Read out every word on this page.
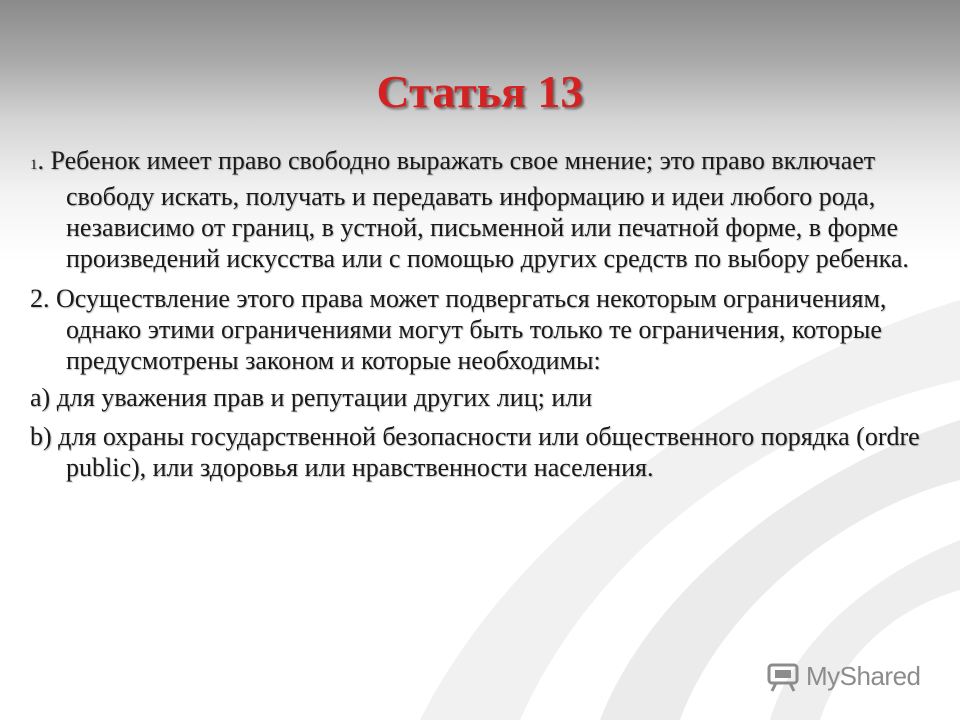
Статья 13

1. Ребенок имеет право свободно выражать свое мнение; это право включает свободу искать, получать и передавать информацию и идеи любого рода, независимо от границ, в устной, письменной или печатной форме, в форме произведений искусства или с помощью других средств по выбору ребенка.

2. Осуществление этого права может подвергаться некоторым ограничениям, однако этими ограничениями могут быть только те ограничения, которые предусмотрены законом и которые необходимы:

а) для уважения прав и репутации других лиц; или

b) для охраны государственной безопасности или общественного порядка (ordre public), или здоровья или нравственности населения.

MyShared
